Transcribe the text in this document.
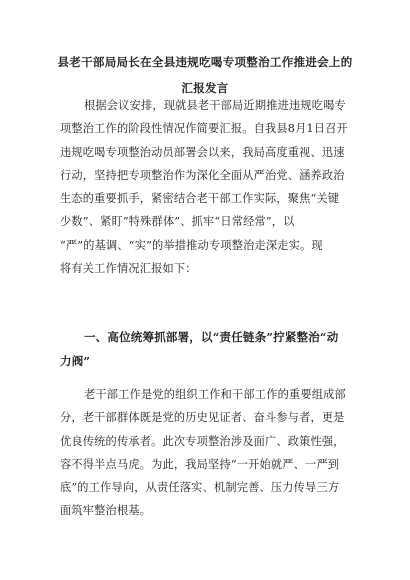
县老干部局局长在全县违规吃喝专项整治工作推进会上的
汇报发言
根据会议安排，现就县老干部局近期推进违规吃喝专
项整治工作的阶段性情况作简要汇报。自我县8月1日召开
违规吃喝专项整治动员部署会以来，我局高度重视、迅速
行动，坚持把专项整治作为深化全面从严治党、涵养政治
生态的重要抓手，紧密结合老干部工作实际，聚焦“关键
少数”、紧盯“特殊群体”、抓牢“日常经常”，以
“严”的基调、“实”的举措推动专项整治走深走实。现
将有关工作情况汇报如下：
一、高位统筹抓部署，以“责任链条”拧紧整治“动
力阀”
老干部工作是党的组织工作和干部工作的重要组成部
分，老干部群体既是党的历史见证者、奋斗参与者，更是
优良传统的传承者。此次专项整治涉及面广、政策性强，
容不得半点马虎。为此，我局坚持“一开始就严、一严到
底”的工作导向，从责任落实、机制完善、压力传导三方
面筑牢整治根基。
